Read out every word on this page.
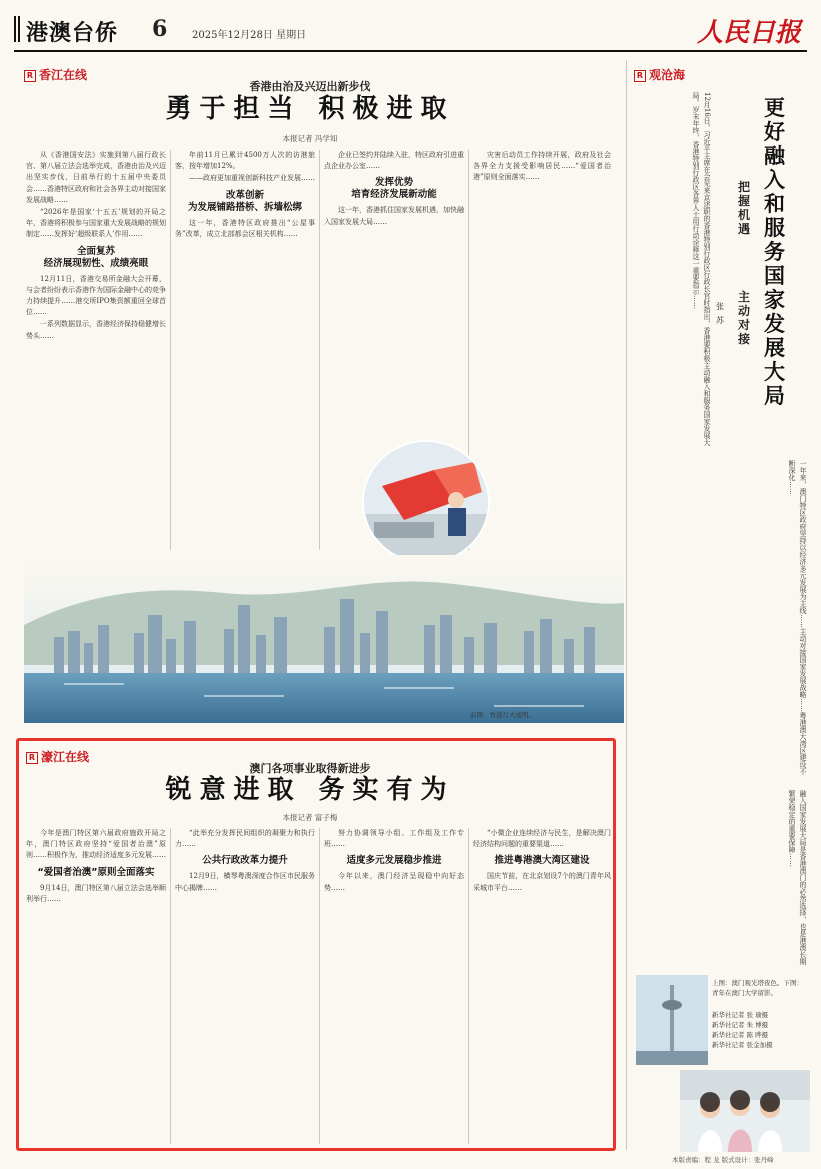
港澳台侨 6 2025年12月28日 星期日	人民日报
R 香江在线
香港由治及兴迈出新步伐
勇于担当 积极进取
本报记者 冯学知

从《香港国安法》实施到第八届行政长官、第八届立法会选举完成，香港由治及兴迈出坚实步伐，日前举行的十五届中央委员会……香港特区政府和社会各界主动对接国家发展战略……

“2026年是国家‘十五五’规划的开局之年，香港将积极参与国家重大发展战略的规划制定……发挥好‘超级联系人’作用……

全面复苏
经济展现韧性、成绩亮眼

12月11日，香港交易所金融大会开幕，与会者纷纷表示香港作为国际金融中心的竞争力持续提升……港交所IPO集资额重回全球首位……

一系列数据显示，香港经济保持稳健增长势头……

年前11月已累计4500万人次的访港旅客，按年增加12%。

——政府更加重视创新科技产业发展……

改革创新
为发展铺路搭桥、拆墙松绑

这一年，香港特区政府推出“公屋事务”改革，成立北部都会区相关机构……

企业已签约并陆续入驻，特区政府引进重点企业办公室……

发挥优势
培育经济发展新动能

这一年，香港抓住国家发展机遇，加快融入国家发展大局……

灾害后动员工作持续开展，政府及社会各界全力支援受影响居民……“爱国者治港”原则全面落实……

前图：香港灯火通明。
R 观沧海
更好融入和服务国家发展大局
把握机遇
主动对接
张 苏
12月16日，习近平主席在会见来京述职的香港特别行政区行政长官时指出，香港要积极主动融入和服务国家发展大局。岁末年终，香港特别行政区各界人士用行动诠释这一重要指示……
一年来，澳门特区政府坚持以经济多元发展为主线……主动对接国家发展战略……粤港澳大湾区建设不断深化……
融入国家发展大局是香港澳门的必然选择，也是港澳长期繁荣稳定的重要保障……
R 濠江在线
澳门各项事业取得新进步
锐意进取 务实有为
本报记者 富子梅

今年是澳门特区第六届政府施政开局之年，澳门特区政府坚持“爱国者治澳”原则……积极作为，推动经济适度多元发展……

“爱国者治澳”原则全面落实

9月14日，澳门特区第八届立法会选举顺利举行……

“此举充分发挥民间组织的凝聚力和执行力……

公共行政改革力提升

12月9日，横琴粤澳深度合作区市民服务中心揭牌……

努力协调领导小组、工作组及工作专班……

适度多元发展稳步推进

今年以来，澳门经济呈现稳中向好态势……

“小微企业连续经济与民生，是解决澳门经济结构问题的重要渠道……

推进粤港澳大湾区建设

国庆节前，在北京划设7个的澳门青年风采城市平台……

上图：澳门观光塔夜色。下图：青年在澳门大学留影。
新华社记者 张 瑜摄
新华社记者 朱 博摄
新华社记者 陈 晔摄
新华社记者 张金加摄
本版责编：程 龙 版式设计：张丹峰
